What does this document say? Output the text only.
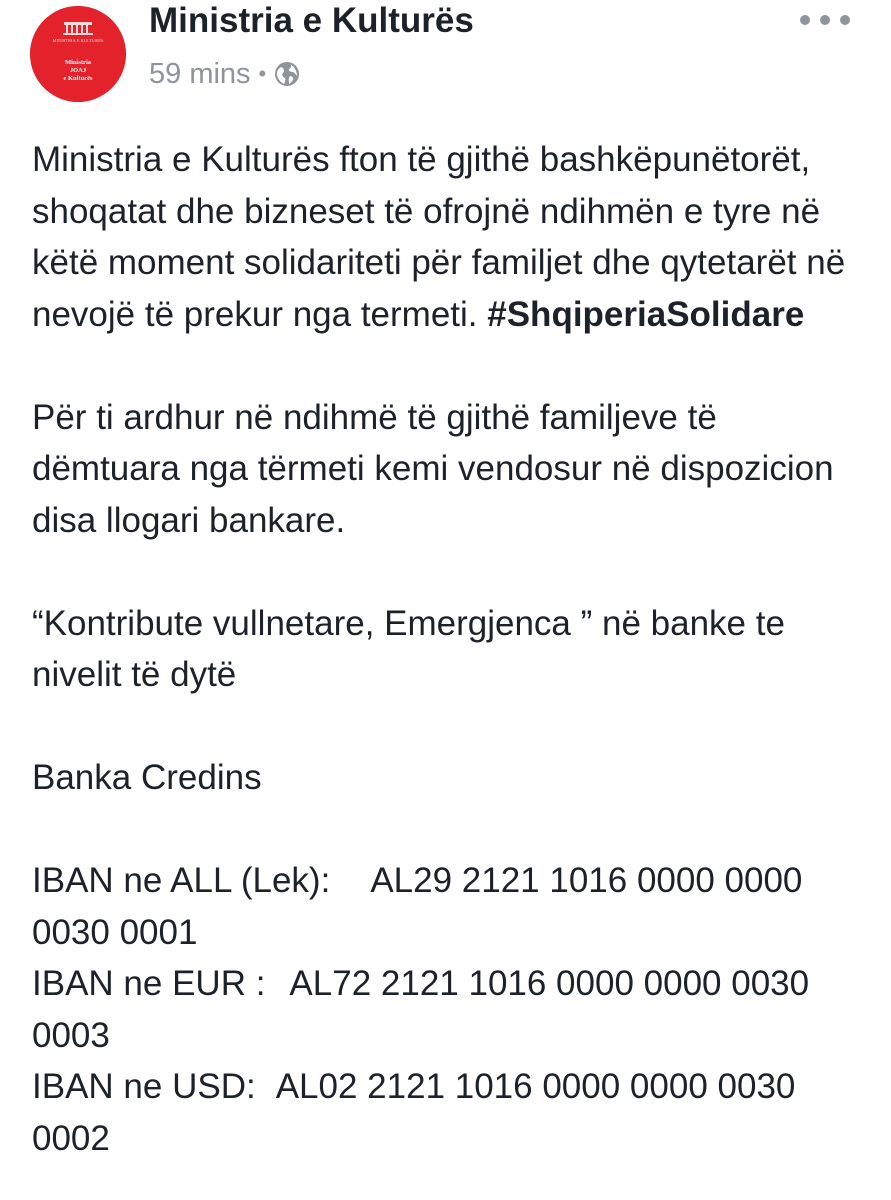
MINISTRIA E KULTURËS
Ministria
JOAJ
e Kulturës
Ministria e Kulturës
59 mins •

Ministria e Kulturës fton të gjithë bashkëpunëtorët, shoqatat dhe bizneset të ofrojnë ndihmën e tyre në këtë moment solidariteti për familjet dhe qytetarët në nevojë të prekur nga termeti. #ShqiperiaSolidare

Për ti ardhur në ndihmë të gjithë familjeve të dëmtuara nga tërmeti kemi vendosur në dispozicion disa llogari bankare.

“Kontribute vullnetare, Emergjenca ” në banke te nivelit të dytë

Banka Credins

IBAN ne ALL (Lek): AL29 2121 1016 0000 0000 0030 0001

IBAN ne EUR : AL72 2121 1016 0000 0000 0030 0003

IBAN ne USD: AL02 2121 1016 0000 0000 0030 0002
